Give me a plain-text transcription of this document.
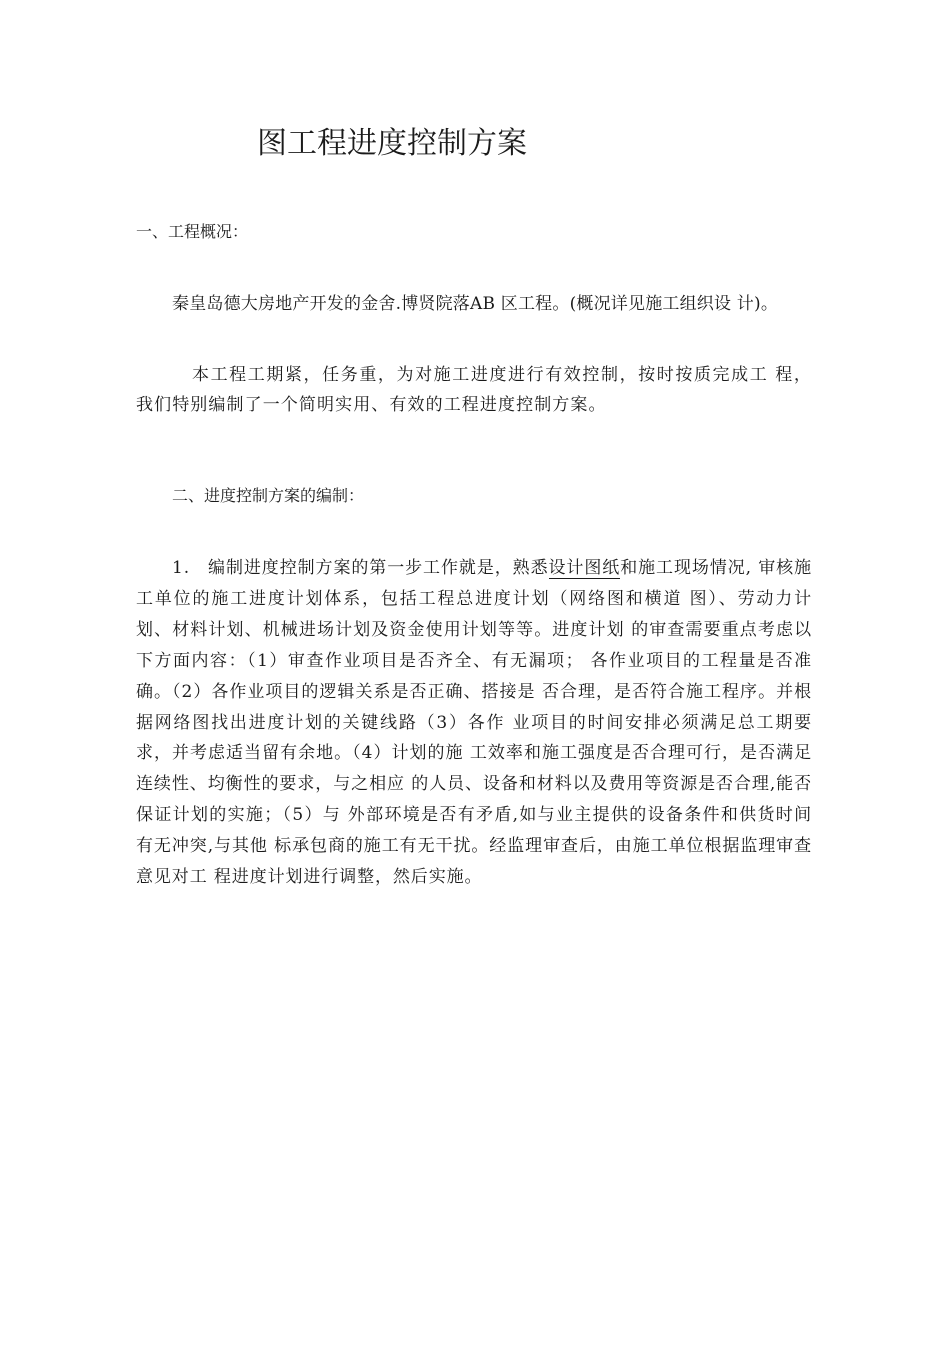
图工程进度控制方案
一、工程概况：
秦皇岛德大房地产开发的金舍.博贤院落AB 区工程。(概况详见施工组织设 计)。
本工程工期紧，任务重，为对施工进度进行有效控制，按时按质完成工 程，我们特别编制了一个简明实用、有效的工程进度控制方案。
二、进度控制方案的编制：
1. 编制进度控制方案的第一步工作就是，熟悉设计图纸和施工现场情况, 审核施工单位的施工进度计划体系，包括工程总进度计划（网络图和横道 图）、劳动力计划、材料计划、机械进场计划及资金使用计划等等。进度计划 的审查需要重点考虑以下方面内容：（1）审查作业项目是否齐全、有无漏项； 各作业项目的工程量是否准确。（2）各作业项目的逻辑关系是否正确、搭接是 否合理，是否符合施工程序。并根据网络图找出进度计划的关键线路（3）各作 业项目的时间安排必须满足总工期要求，并考虑适当留有余地。（4）计划的施 工效率和施工强度是否合理可行，是否满足连续性、均衡性的要求，与之相应 的人员、设备和材料以及费用等资源是否合理,能否保证计划的实施；（5）与 外部环境是否有矛盾,如与业主提供的设备条件和供货时间有无冲突,与其他 标承包商的施工有无干扰。经监理审查后，由施工单位根据监理审查意见对工 程进度计划进行调整，然后实施。
